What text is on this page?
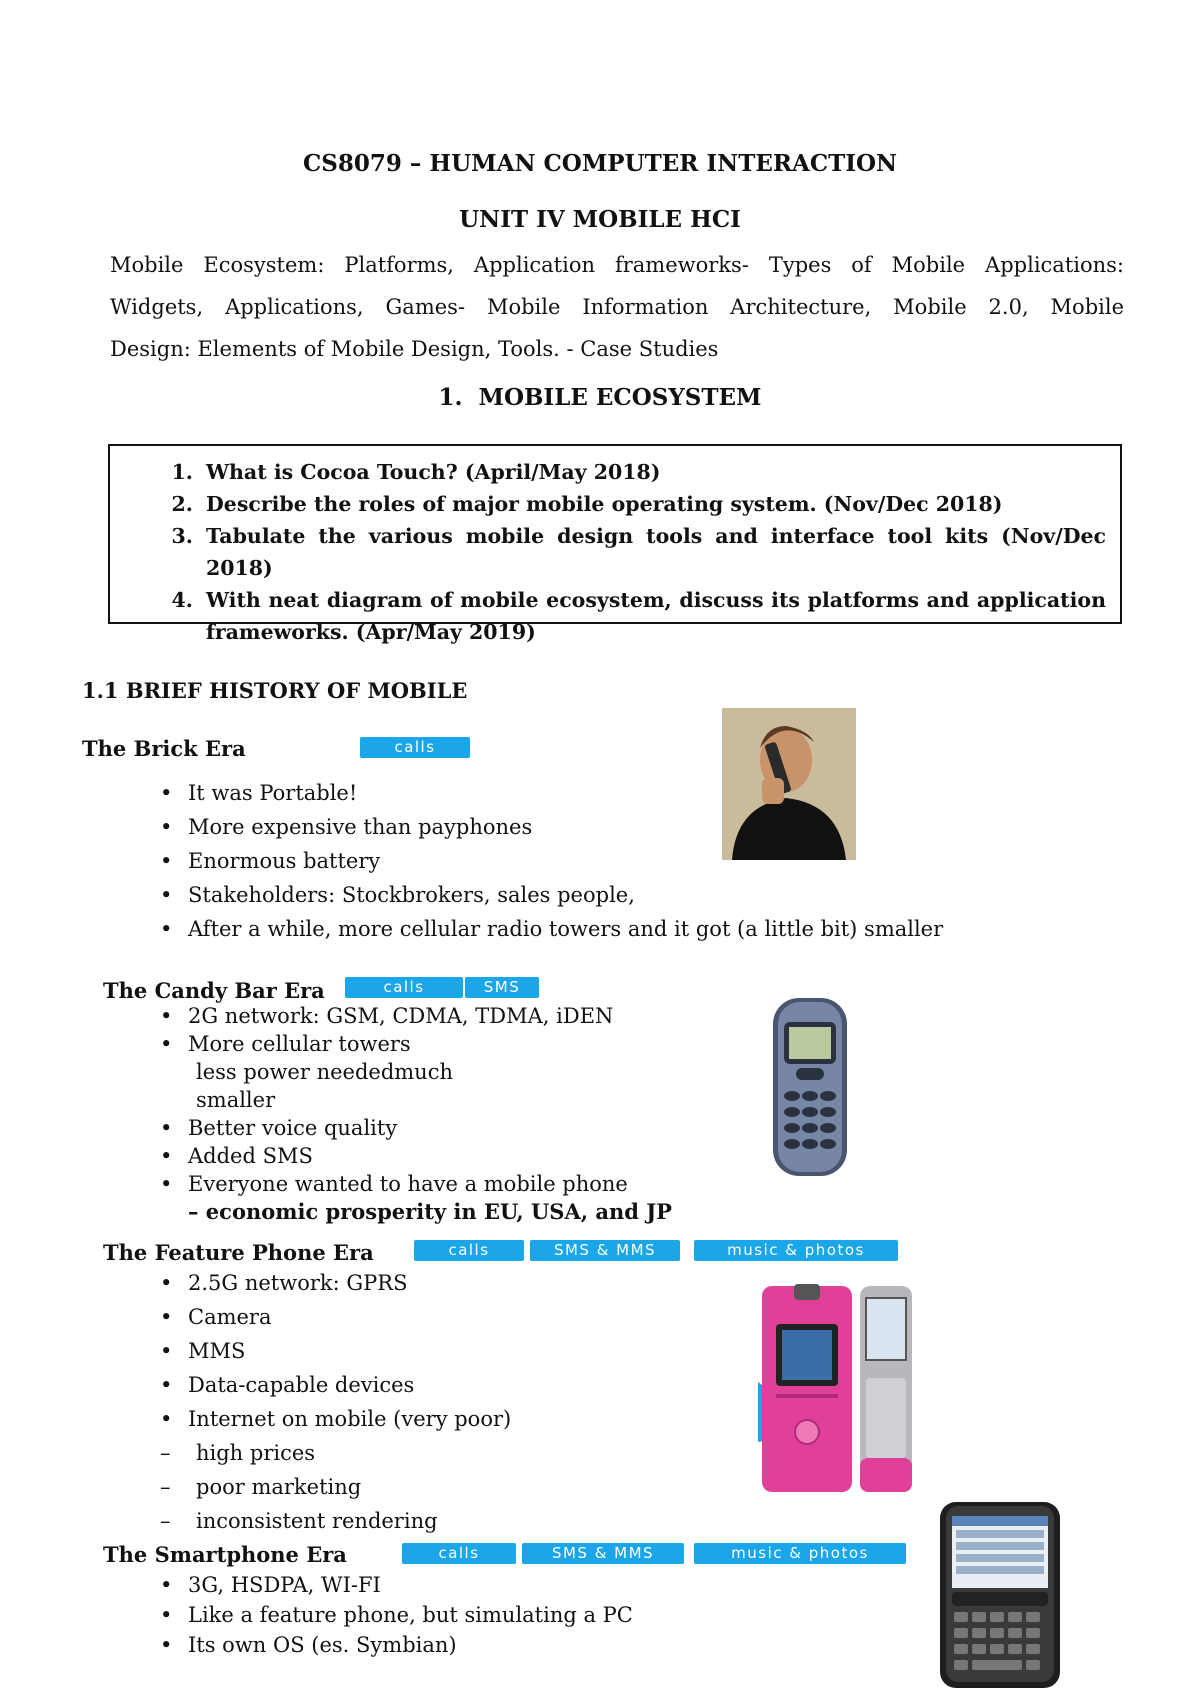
CS8079 – HUMAN COMPUTER INTERACTION
UNIT IV MOBILE HCI
Mobile Ecosystem: Platforms, Application frameworks- Types of Mobile Applications:
Widgets, Applications, Games- Mobile Information Architecture, Mobile 2.0, Mobile
Design: Elements of Mobile Design, Tools. - Case Studies
1. MOBILE ECOSYSTEM
1. What is Cocoa Touch? (April/May 2018)
2. Describe the roles of major mobile operating system. (Nov/Dec 2018)
3. Tabulate the various mobile design tools and interface tool kits (Nov/Dec 2018)
4. With neat diagram of mobile ecosystem, discuss its platforms and application frameworks. (Apr/May 2019)
1.1 BRIEF HISTORY OF MOBILE
The Brick Era	calls
• It was Portable!
• More expensive than payphones
• Enormous battery
• Stakeholders: Stockbrokers, sales people,
• After a while, more cellular radio towers and it got (a little bit) smaller
The Candy Bar Era	calls	SMS
• 2G network: GSM, CDMA, TDMA, iDEN
• More cellular towers
less power neededmuch
smaller
• Better voice quality
• Added SMS
• Everyone wanted to have a mobile phone
– economic prosperity in EU, USA, and JP
The Feature Phone Era	calls	SMS & MMS	music & photos
• 2.5G network: GPRS
• Camera
• MMS
• Data-capable devices
• Internet on mobile (very poor)
– high prices
– poor marketing
– inconsistent rendering
The Smartphone Era	calls	SMS & MMS	music & photos
• 3G, HSDPA, WI-FI
• Like a feature phone, but simulating a PC
• Its own OS (es. Symbian)
